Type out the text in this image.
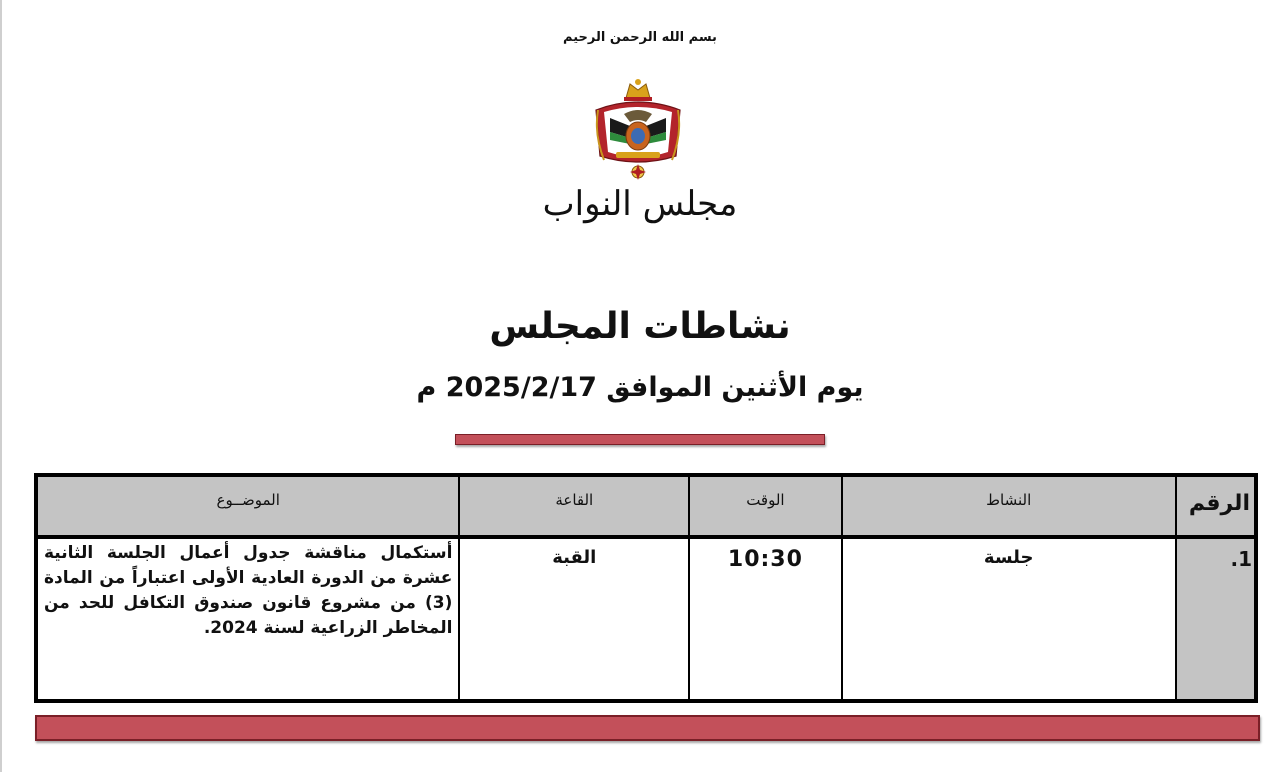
بسم الله الرحمن الرحيم
مجلس النواب
نشاطات المجلس
يوم الأثنين الموافق 2025/2/17 م
الرقم	النشاط	الوقت	القاعة	الموضــوع
1.	جلسة	10:30	القبة	أستكمال مناقشة جدول أعمال الجلسة الثانية عشرة من الدورة العادية الأولى اعتباراً من المادة (3) من مشروع قانون صندوق التكافل للحد من المخاطر الزراعية لسنة 2024.
